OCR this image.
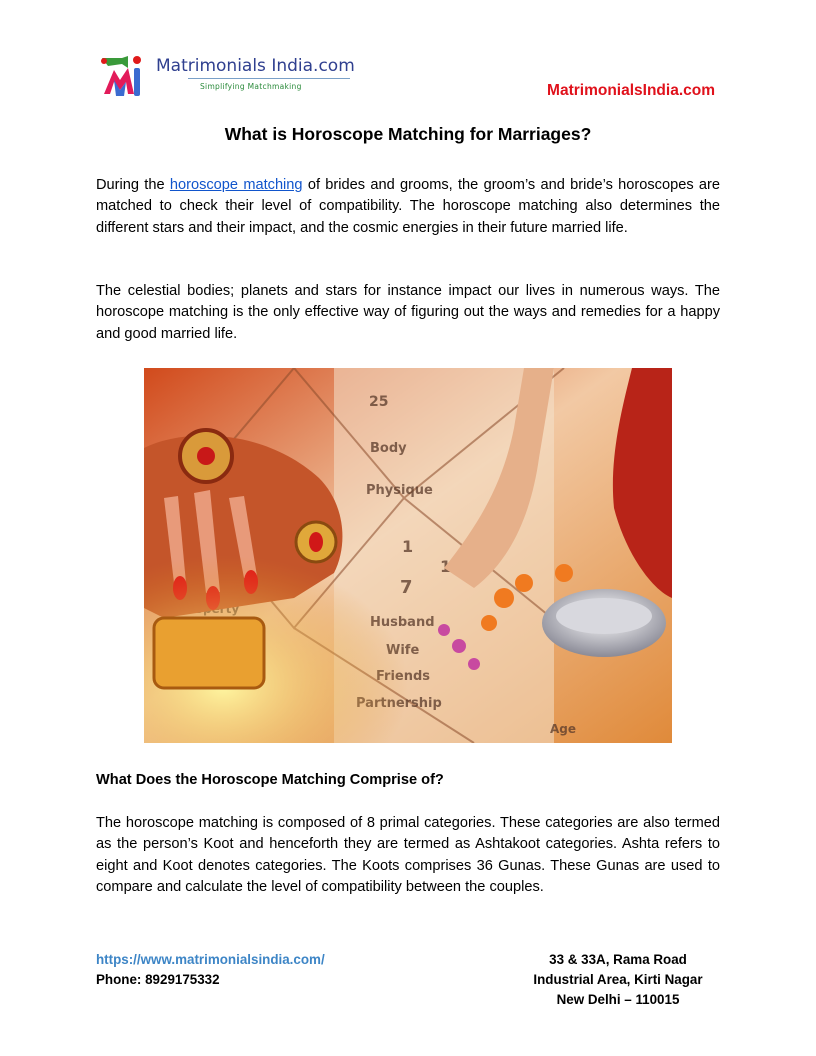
Matrimonials India.com
Simplifying Matchmaking	MatrimonialsIndia.com
What is Horoscope Matching for Marriages?

During the horoscope matching of brides and grooms, the groom’s and bride’s horoscopes are matched to check their level of compatibility. The horoscope matching also determines the different stars and their impact, and the cosmic energies in their future married life.

The celestial bodies; planets and stars for instance impact our lives in numerous ways. The horoscope matching is the only effective way of figuring out the ways and remedies for a happy and good married life.

What Does the Horoscope Matching Comprise of?

The horoscope matching is composed of 8 primal categories. These categories are also termed as the person’s Koot and henceforth they are termed as Ashtakoot categories. Ashta refers to eight and Koot denotes categories. The Koots comprises 36 Gunas. These Gunas are used to compare and calculate the level of compatibility between the couples.

https://www.matrimonialsindia.com/
Phone: 8929175332
33 & 33A, Rama Road
Industrial Area, Kirti Nagar
New Delhi – 110015
